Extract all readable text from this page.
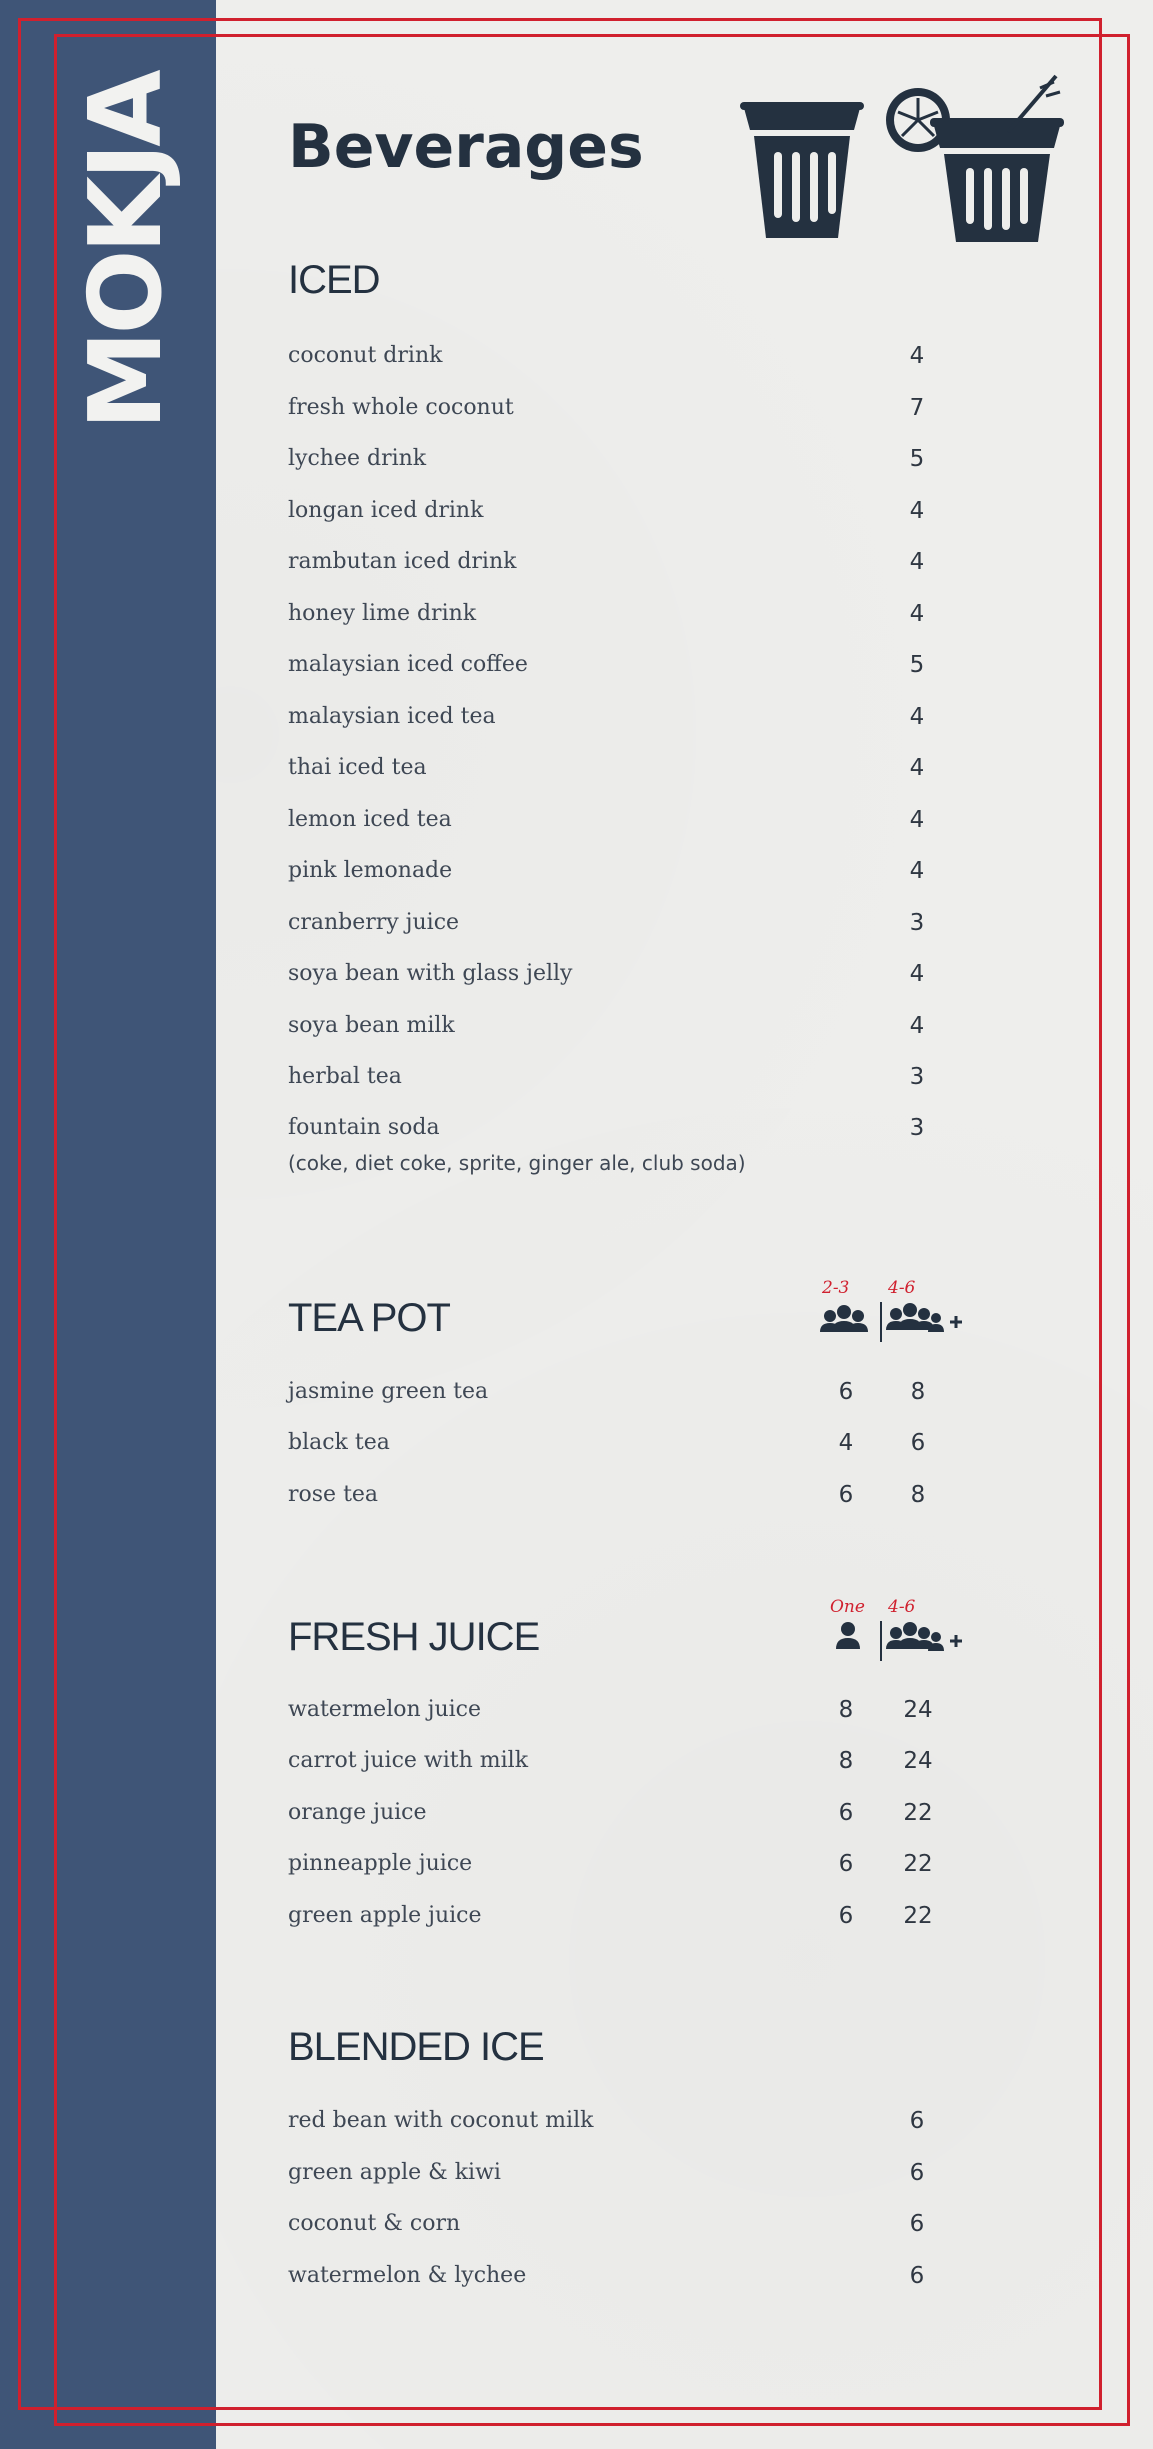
MOKJA Beverages
ICED
coconut drink	4
fresh whole coconut	7
lychee drink	5
longan iced drink	4
rambutan iced drink	4
honey lime drink	4
malaysian iced coffee	5
malaysian iced tea	4
thai iced tea	4
lemon iced tea	4
pink lemonade	4
cranberry juice	3
soya bean with glass jelly	4
soya bean milk	4
herbal tea	3
fountain soda	3
(coke, diet coke, sprite, ginger ale, club soda)
TEA POT
2-3 4-6
jasmine green tea	6	8
black tea	4	6
rose tea	6	8
FRESH JUICE
One 4-6
watermelon juice	8	24
carrot juice with milk	8	24
orange juice	6	22
pinneapple juice	6	22
green apple juice	6	22
BLENDED ICE
red bean with coconut milk	6
green apple & kiwi	6
coconut & corn	6
watermelon & lychee	6
